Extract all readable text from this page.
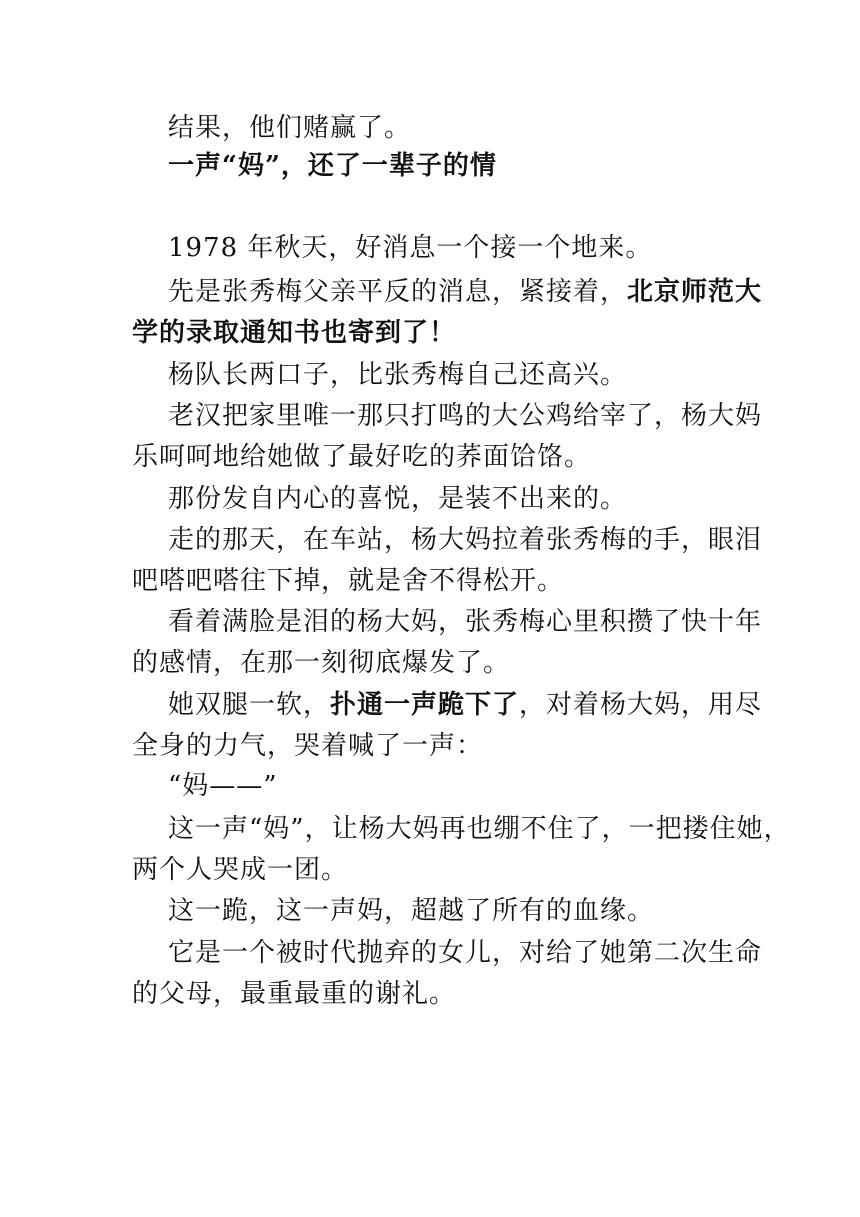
结果，他们赌赢了。
一声“妈”，还了一辈子的情
1978 年秋天，好消息一个接一个地来。
先是张秀梅父亲平反的消息，紧接着，北京师范大
学的录取通知书也寄到了！
杨队长两口子，比张秀梅自己还高兴。
老汉把家里唯一那只打鸣的大公鸡给宰了，杨大妈
乐呵呵地给她做了最好吃的荞面饸饹。
那份发自内心的喜悦，是装不出来的。
走的那天，在车站，杨大妈拉着张秀梅的手，眼泪
吧嗒吧嗒往下掉，就是舍不得松开。
看着满脸是泪的杨大妈，张秀梅心里积攒了快十年
的感情，在那一刻彻底爆发了。
她双腿一软，扑通一声跪下了，对着杨大妈，用尽
全身的力气，哭着喊了一声：
“妈——”
这一声“妈”，让杨大妈再也绷不住了，一把搂住她，
两个人哭成一团。
这一跪，这一声妈，超越了所有的血缘。
它是一个被时代抛弃的女儿，对给了她第二次生命
的父母，最重最重的谢礼。
